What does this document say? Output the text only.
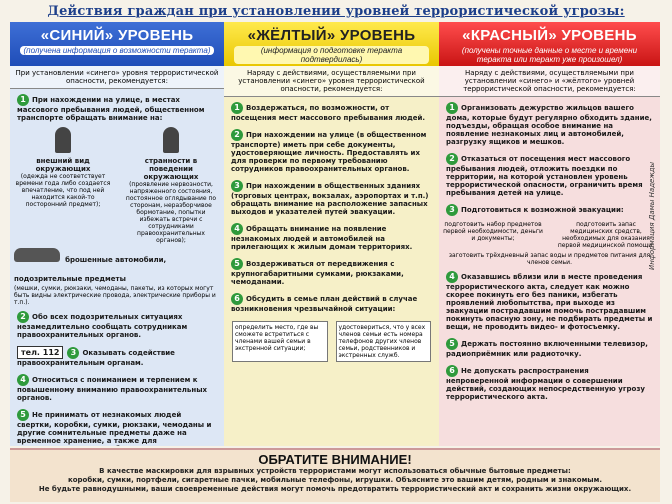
Действия граждан при установлении уровней террористической угрозы:
«СИНИЙ» УРОВЕНЬ
(получена информация о возможности теракта)
При установлении «синего» уровня террористической опасности, рекомендуется:
1 При нахождении на улице, в местах массового пребывания людей, общественном транспорте обращать внимание на:
внешний вид окружающих
(одежда не соответствует времени года либо создается впечатление, что под ней находится какой-то посторонний предмет);
странности в поведении окружающих
(проявление нервозности, напряженного состояния, постоянное оглядывание по сторонам, неразборчивое бормотание, попытки избежать встречи с сотрудниками правоохранительных органов);
брошенные автомобили, подозрительные предметы
(мешки, сумки, рюкзаки, чемоданы, пакеты, из которых могут быть видны электрические провода, электрические приборы и т.п.).
2 Обо всех подозрительных ситуациях незамедлительно сообщать сотрудникам правоохранительных органов.
тел. 112 3 Оказывать содействие правоохранительным органам.
4 Относиться с пониманием и терпением к повышенному вниманию правоохранительных органов.
5 Не принимать от незнакомых людей свертки, коробки, сумки, рюкзаки, чемоданы и другие сомнительные предметы даже на временное хранение, а также для
«ЖЁЛТЫЙ» УРОВЕНЬ
(информация о подготовке теракта подтвердилась)
Наряду с действиями, осуществляемыми при установлении «синего» уровня террористической опасности, рекомендуется:
1 Воздержаться, по возможности, от посещения мест массового пребывания людей.
2 При нахождении на улице (в общественном транспорте) иметь при себе документы, удостоверяющие личность. Предоставлять их для проверки по первому требованию сотрудников правоохранительных органов.
3 При нахождении в общественных зданиях (торговых центрах, вокзалах, аэропортах и т.п.) обращать внимание на расположение запасных выходов и указателей путей эвакуации.
4 Обращать внимание на появление незнакомых людей и автомобилей на прилегающих к жилым домам территориях.
5 Воздерживаться от передвижения с крупногабаритными сумками, рюкзаками, чемоданами.
6 Обсудить в семье план действий в случае возникновения чрезвычайной ситуации:
определить место, где вы сможете встретиться с членами вашей семьи в экстренной ситуации;
удостовериться, что у всех членов семьи есть номера телефонов других членов семьи, родственников и экстренных служб.
«КРАСНЫЙ» УРОВЕНЬ
(получены точные данные о месте и времени теракта или теракт уже произошел)
Наряду с действиями, осуществляемыми при установлении «синего» и «жёлтого» уровней террористической опасности, рекомендуется:
1 Организовать дежурство жильцов вашего дома, которые будут регулярно обходить здание, подъезды, обращая особое внимание на появление незнакомых лиц и автомобилей, разгрузку ящиков и мешков.
2 Отказаться от посещения мест массового пребывания людей, отложить поездки по территории, на которой установлен уровень террористической опасности, ограничить время пребывания детей на улице.
3 Подготовиться к возможной эвакуации:
подготовить набор предметов первой необходимости, деньги и документы;
подготовить запас медицинских средств, необходимых для оказания первой медицинской помощи;
заготовить трёхдневный запас воды и предметов питания для членов семьи.
4 Оказавшись вблизи или в месте проведения террористического акта, следует как можно скорее покинуть его без паники, избегать проявлений любопытства, при выходе из эвакуации пострадавшим помочь пострадавшим покинуть опасную зону, не подбирать предметы и вещи, не проводить видео- и фотосъемку.
5 Держать постоянно включенными телевизор, радиоприёмник или радиоточку.
6 Не допускать распространения непроверенной информации о совершении действий, создающих непосредственную угрозу террористического акта.
Информация Дамы Надежды
ОБРАТИТЕ ВНИМАНИЕ!
В качестве маскировки для взрывных устройств террористами могут использоваться обычные бытовые предметы:
коробки, сумки, портфели, сигаретные пачки, мобильные телефоны, игрушки. Объясните это вашим детям, родным и знакомым.
Не будьте равнодушными, ваши своевременные действия могут помочь предотвратить террористический акт и сохранить жизни окружающих.
